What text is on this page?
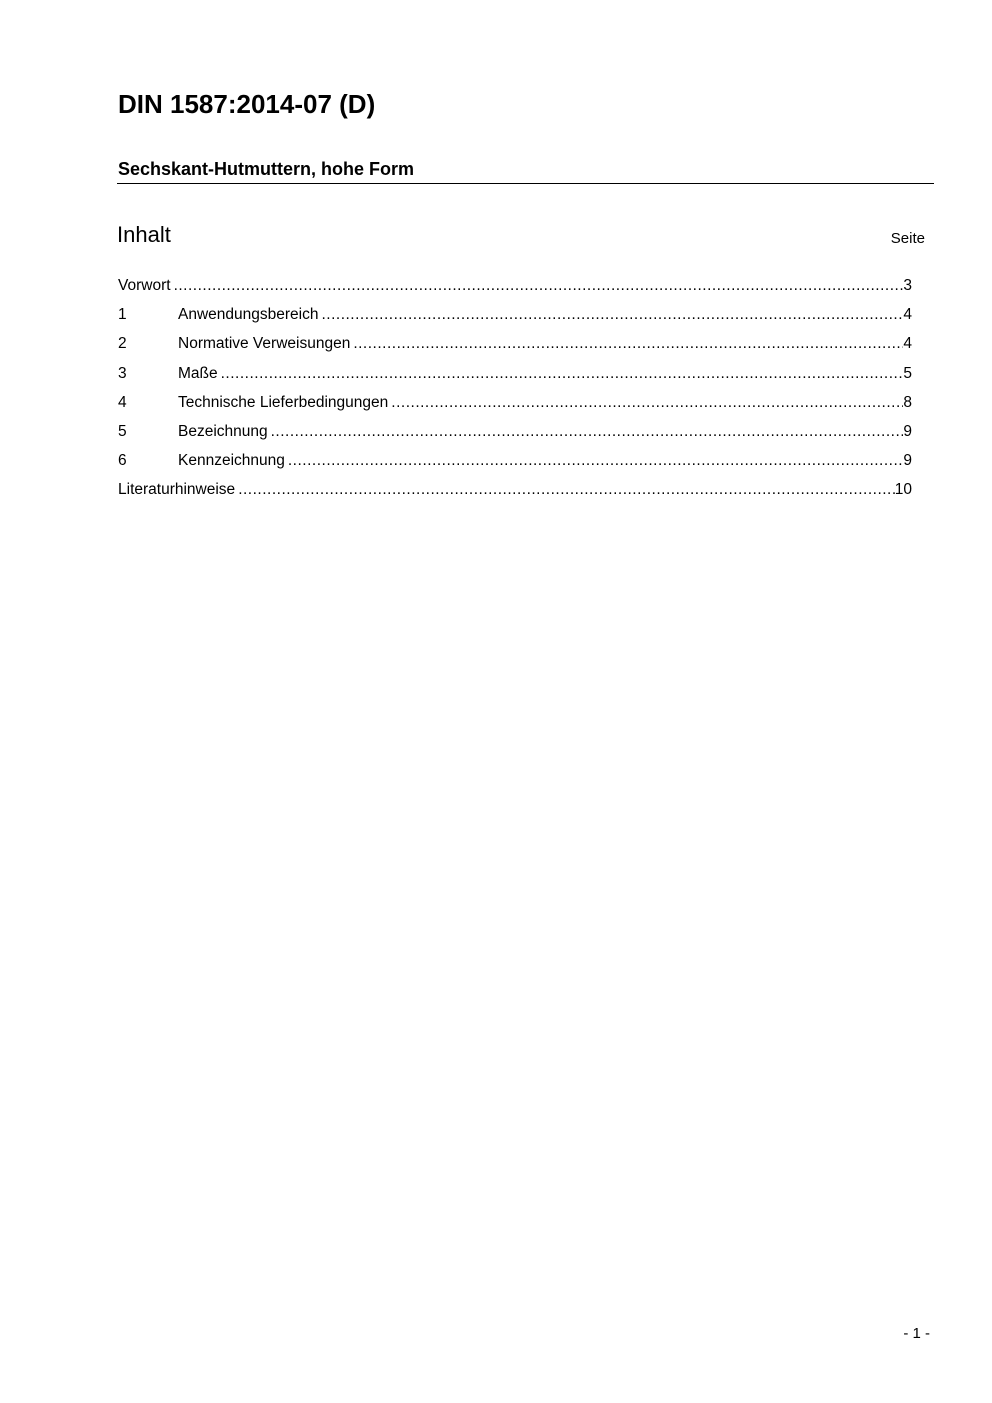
DIN 1587:2014-07 (D)
Sechskant-Hutmuttern, hohe Form
Inhalt	Seite
Vorwort .....	3
1	Anwendungsbereich .....	4
2	Normative Verweisungen .....	4
3	Maße .....	5
4	Technische Lieferbedingungen .....	8
5	Bezeichnung .....	9
6	Kennzeichnung .....	9
Literaturhinweise .....	10
- 1 -
